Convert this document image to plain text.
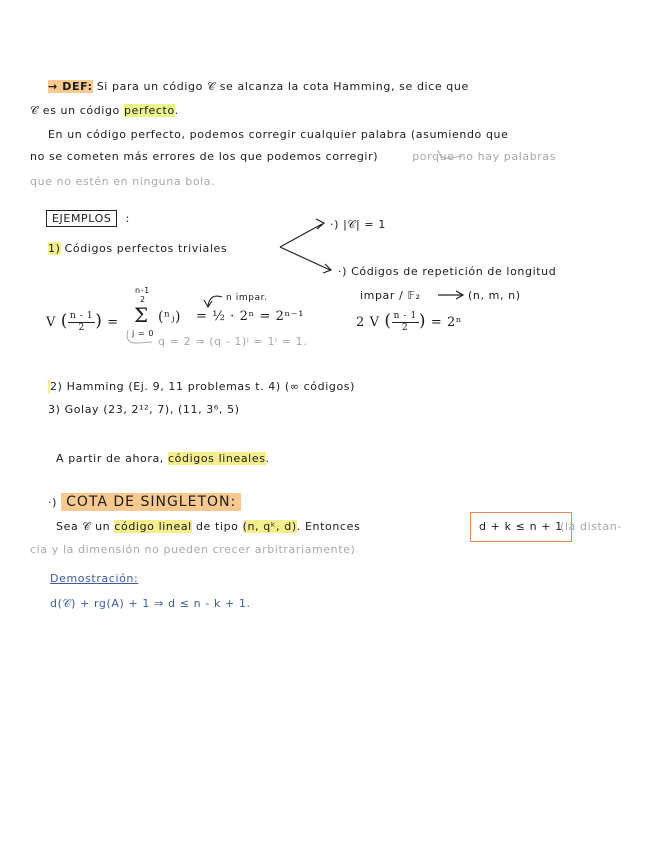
→ DEF: Si para un código 𝒞 se alcanza la cota Hamming, se dice que
𝒞 es un código perfecto.
En un código perfecto, podemos corregir cualquier palabra (asumiendo que
no se cometen más errores de los que podemos corregir)	porque no hay palabras
que no estén en ninguna bola.
EJEMPLOS :
1) Códigos perfectos triviales
·) |𝒞| = 1
·) Códigos de repetición de longitud
impar / 𝔽₂	(n, m, n)
V ( $\frac{n - 1}{2}$ ) =
n-1
2
Σ
j = 0
(ⁿⱼ) = ½ · 2ⁿ = 2ⁿ⁻¹
n impar.
q = 2 ⇒ (q - 1)ʲ = 1ʲ = 1.
2 V ( $\frac{n - 1}{2}$ ) = 2ⁿ
2) Hamming (Ej. 9, 11 problemas t. 4) (∞ códigos)
3) Golay (23, 2¹², 7), (11, 3⁶, 5)
A partir de ahora, códigos lineales.
·) COTA DE SINGLETON:
Sea 𝒞 un código lineal de tipo (n, qᵏ, d). Entonces	d + k ≤ n + 1
(la distan-
cia y la dimensión no pueden crecer arbitrariamente)
Demostración:
d(𝒞) + rg(A) + 1 ⇒ d ≤ n - k + 1.
